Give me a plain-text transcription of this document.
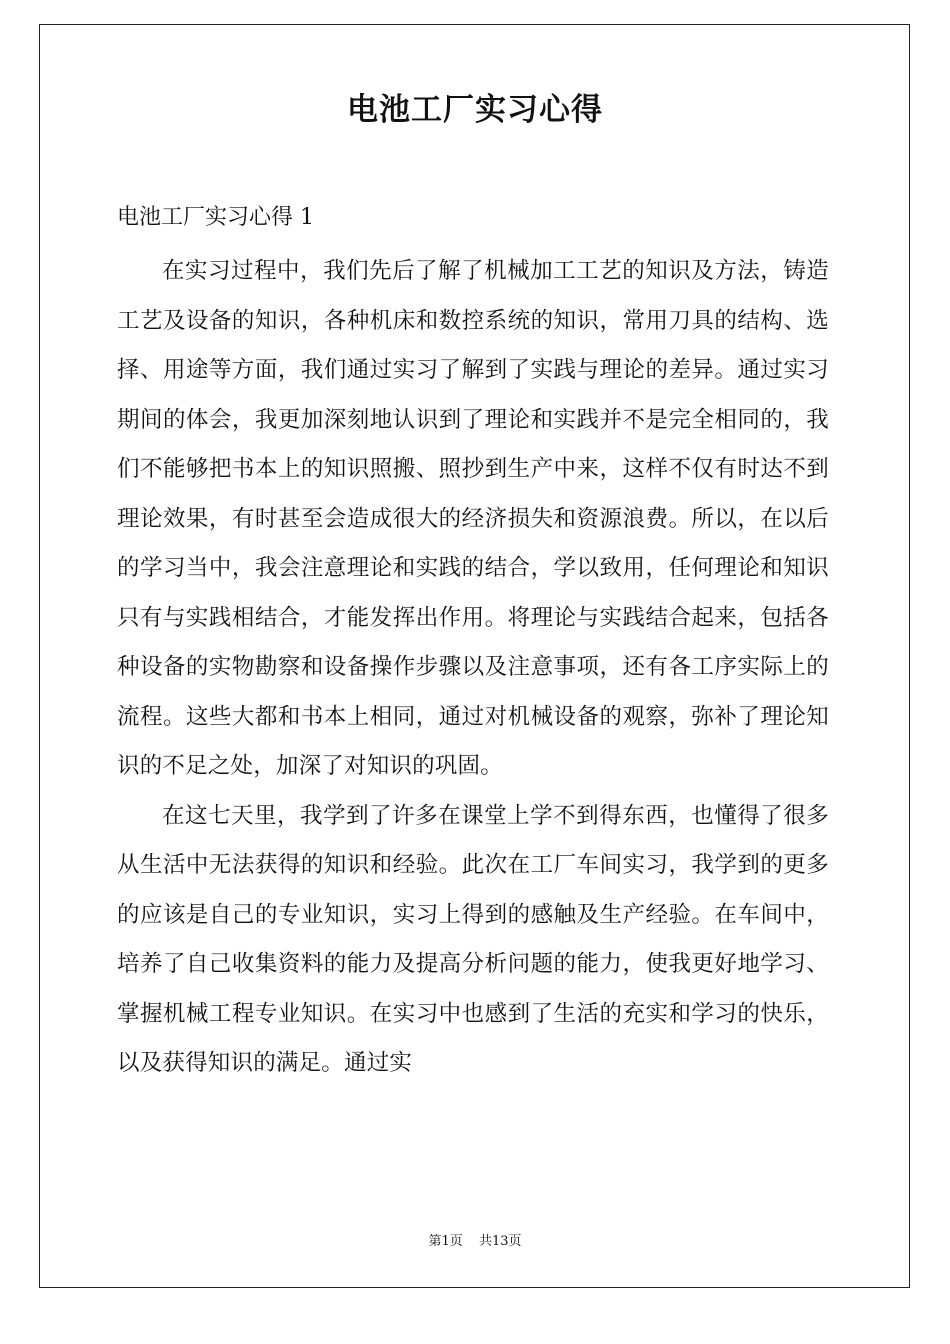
电池工厂实习心得

电池工厂实习心得 1

在实习过程中，我们先后了解了机械加工工艺的知识及方法，铸造工艺及设备的知识，各种机床和数控系统的知识，常用刀具的结构、选择、用途等方面，我们通过实习了解到了实践与理论的差异。通过实习期间的体会，我更加深刻地认识到了理论和实践并不是完全相同的，我们不能够把书本上的知识照搬、照抄到生产中来，这样不仅有时达不到理论效果，有时甚至会造成很大的经济损失和资源浪费。所以，在以后的学习当中，我会注意理论和实践的结合，学以致用，任何理论和知识只有与实践相结合，才能发挥出作用。将理论与实践结合起来，包括各种设备的实物勘察和设备操作步骤以及注意事项，还有各工序实际上的流程。这些大都和书本上相同，通过对机械设备的观察，弥补了理论知识的不足之处，加深了对知识的巩固。

在这七天里，我学到了许多在课堂上学不到得东西，也懂得了很多从生活中无法获得的知识和经验。此次在工厂车间实习，我学到的更多的应该是自己的专业知识，实习上得到的感触及生产经验。在车间中，培养了自己收集资料的能力及提高分析问题的能力，使我更好地学习、掌握机械工程专业知识。在实习中也感到了生活的充实和学习的快乐，以及获得知识的满足。通过实

第1页 共13页
